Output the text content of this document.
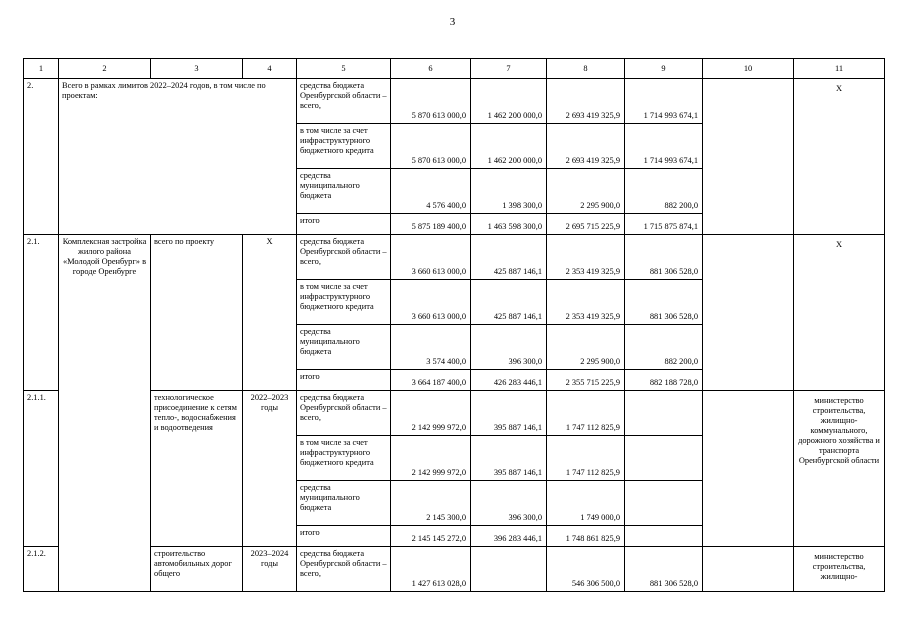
3
1	2	3	4	5	6	7	8	9	10	11
2.	Всего в рамках лимитов 2022–2024 годов, в том числе по проектам:			средства бюджета Оренбургской области – всего,	5 870 613 000,0	1 462 200 000,0	2 693 419 325,9	1 714 993 674,1		Х
				в том числе за счет инфраструктурного бюджетного кредита	5 870 613 000,0	1 462 200 000,0	2 693 419 325,9	1 714 993 674,1		
				средства муниципального бюджета	4 576 400,0	1 398 300,0	2 295 900,0	882 200,0		
				итого	5 875 189 400,0	1 463 598 300,0	2 695 715 225,9	1 715 875 874,1		
2.1.	Комплексная застройка жилого района «Молодой Оренбург» в городе Оренбурге	всего по проекту	Х	средства бюджета Оренбургской области – всего,	3 660 613 000,0	425 887 146,1	2 353 419 325,9	881 306 528,0		Х
				в том числе за счет инфраструктурного бюджетного кредита	3 660 613 000,0	425 887 146,1	2 353 419 325,9	881 306 528,0		
				средства муниципального бюджета	3 574 400,0	396 300,0	2 295 900,0	882 200,0		
				итого	3 664 187 400,0	426 283 446,1	2 355 715 225,9	882 188 728,0		
2.1.1.		технологическое присоединение к сетям тепло-, водоснабжения и водоотведения	2022–2023 годы	средства бюджета Оренбургской области – всего,	2 142 999 972,0	395 887 146,1	1 747 112 825,9			министерство строительства, жилищно-коммунального, дорожного хозяйства и транспорта Оренбургской области
				в том числе за счет инфраструктурного бюджетного кредита	2 142 999 972,0	395 887 146,1	1 747 112 825,9			
				средства муниципального бюджета	2 145 300,0	396 300,0	1 749 000,0			
				итого	2 145 145 272,0	396 283 446,1	1 748 861 825,9			
2.1.2.		строительство автомобильных дорог общего	2023–2024 годы	средства бюджета Оренбургской области – всего,	1 427 613 028,0		546 306 500,0	881 306 528,0		министерство строительства, жилищно-
